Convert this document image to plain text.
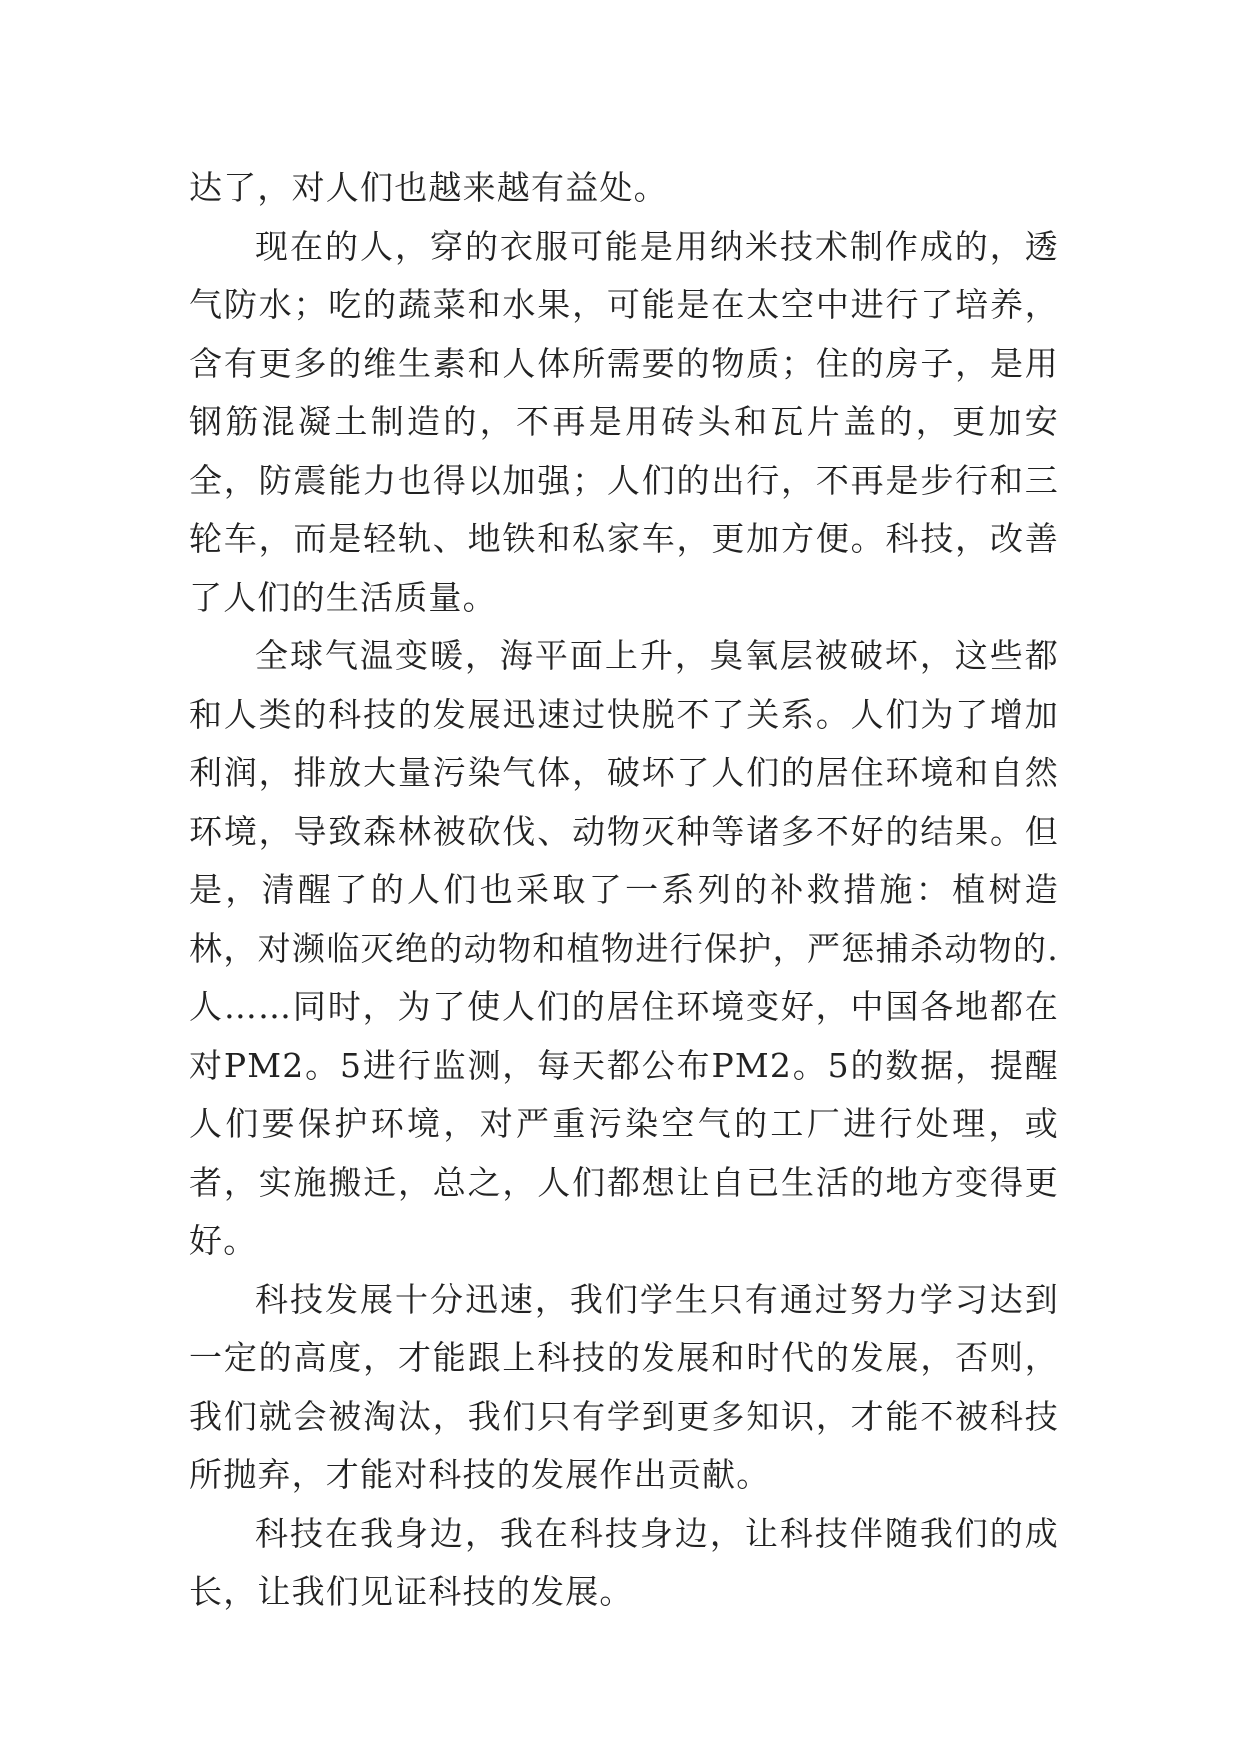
达了，对人们也越来越有益处。

现在的人，穿的衣服可能是用纳米技术制作成的，透气防水；吃的蔬菜和水果，可能是在太空中进行了培养，含有更多的维生素和人体所需要的物质；住的房子，是用钢筋混凝土制造的，不再是用砖头和瓦片盖的，更加安全，防震能力也得以加强；人们的出行，不再是步行和三轮车，而是轻轨、地铁和私家车，更加方便。科技，改善了人们的生活质量。

全球气温变暖，海平面上升，臭氧层被破坏，这些都和人类的科技的发展迅速过快脱不了关系。人们为了增加利润，排放大量污染气体，破坏了人们的居住环境和自然环境，导致森林被砍伐、动物灭种等诸多不好的结果。但是，清醒了的人们也采取了一系列的补救措施：植树造林，对濒临灭绝的动物和植物进行保护，严惩捕杀动物的.人……同时，为了使人们的居住环境变好，中国各地都在对PM2。5进行监测，每天都公布PM2。5的数据，提醒人们要保护环境，对严重污染空气的工厂进行处理，或者，实施搬迁，总之，人们都想让自已生活的地方变得更好。

科技发展十分迅速，我们学生只有通过努力学习达到一定的高度，才能跟上科技的发展和时代的发展，否则，我们就会被淘汰，我们只有学到更多知识，才能不被科技所抛弃，才能对科技的发展作出贡献。

科技在我身边，我在科技身边，让科技伴随我们的成长，让我们见证科技的发展。
